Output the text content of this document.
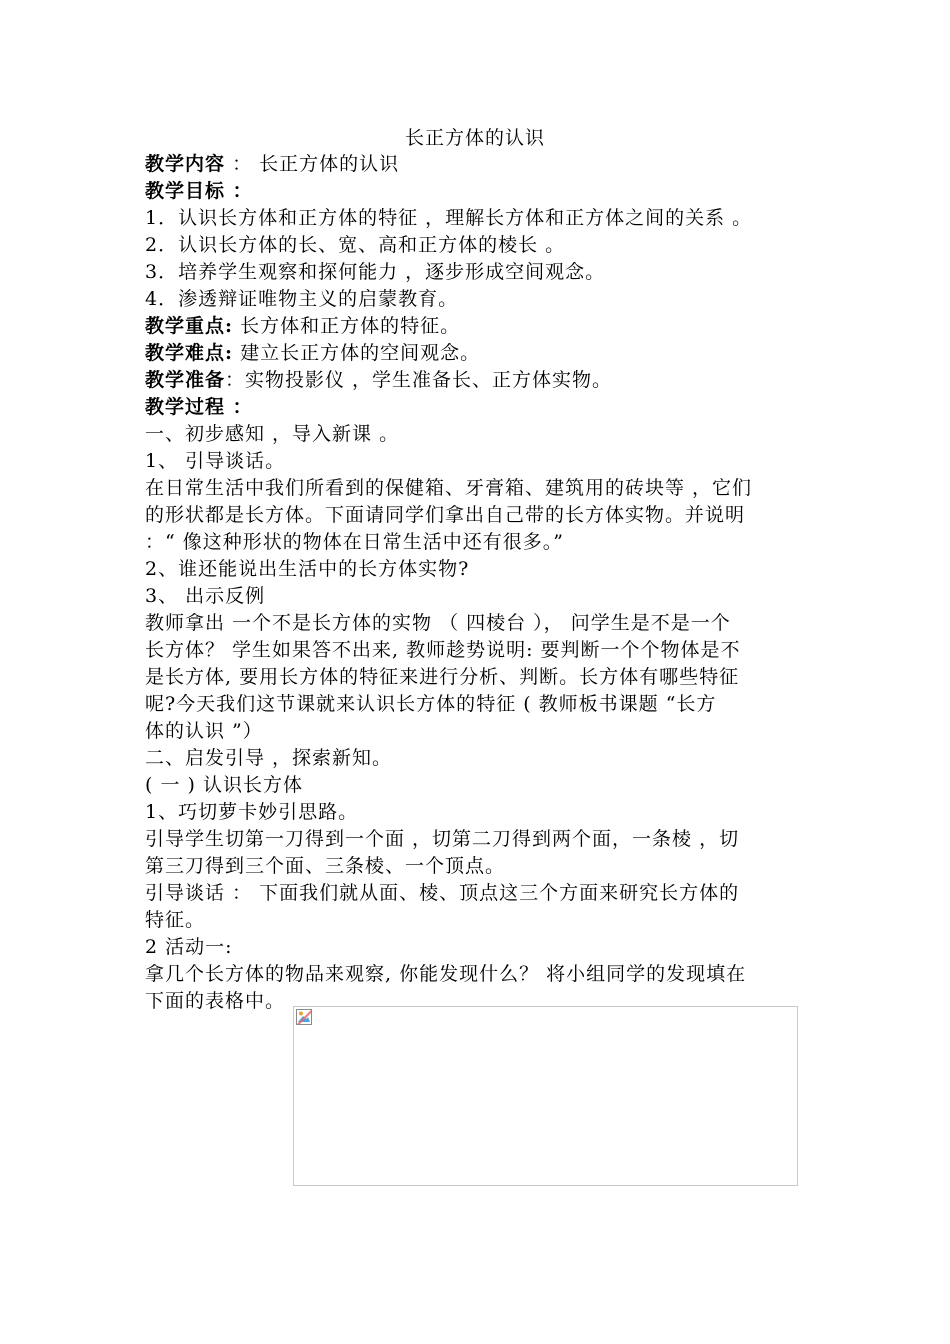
长正方体的认识
教学内容 ： 长正方体的认识
教学目标 ：
1．认识长方体和正方体的特征 ，理解长方体和正方体之间的关系 。
2．认识长方体的长、宽、高和正方体的棱长 。
3．培养学生观察和探何能力 ，逐步形成空间观念。
4．渗透辩证唯物主义的启蒙教育。
教学重点: 长方体和正方体的特征。
教学难点: 建立长正方体的空间观念。
教学准备：实物投影仪 ，学生准备长、正方体实物。
教学过程 ：
一、初步感知 ，导入新课 。
1、 引导谈话。
在日常生活中我们所看到的保健箱、牙膏箱、建筑用的砖块等 ，它们
的形状都是长方体。下面请同学们拿出自己带的长方体实物。并说明
：“ 像这种形状的物体在日常生活中还有很多。”
2、谁还能说出生活中的长方体实物?
3、 出示反例
教师拿出 一个不是长方体的实物 （ 四棱台 ）， 问学生是不是一个
长方体？ 学生如果答不出来, 教师趁势说明: 要判断一个个物体是不
是长方体, 要用长方体的特征来进行分析、判断。长方体有哪些特征
呢?今天我们这节课就来认识长方体的特征 ( 教师板书课题 “长方
体的认识 ”）
二、启发引导 ，探索新知。
( 一 ) 认识长方体
1、巧切萝卡妙引思路。
引导学生切第一刀得到一个面 ，切第二刀得到两个面，一条棱 ，切
第三刀得到三个面、三条棱、一个顶点。
引导谈话 ： 下面我们就从面、棱、顶点这三个方面来研究长方体的
特征。
2 活动一:
拿几个长方体的物品来观察, 你能发现什么？ 将小组同学的发现填在
下面的表格中。
